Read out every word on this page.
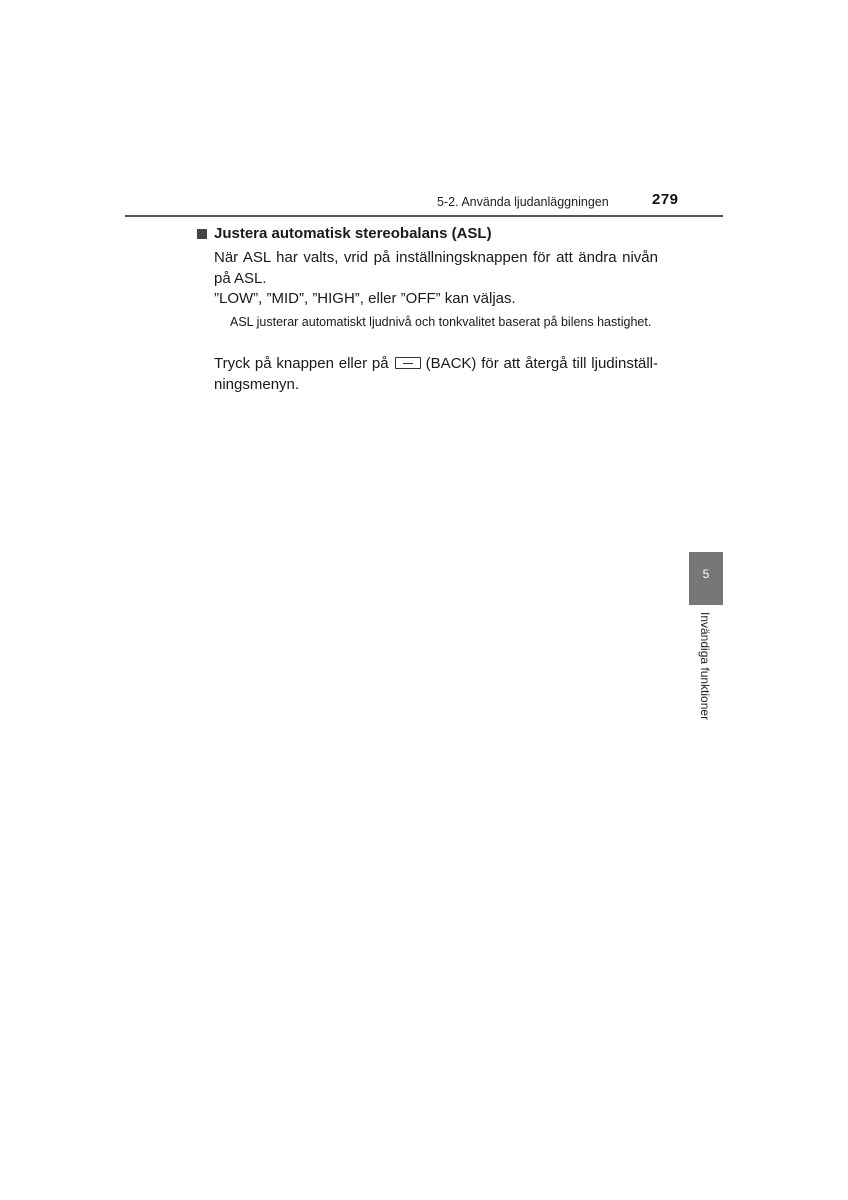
5-2. Använda ljudanläggningen	279
Justera automatisk stereobalans (ASL)
När ASL har valts, vrid på inställningsknappen för att ändra nivån på ASL.
”LOW”, ”MID”, ”HIGH”, eller ”OFF” kan väljas.
ASL justerar automatiskt ljudnivå och tonkvalitet baserat på bilens hastighet.
Tryck på knappen eller på (BACK) för att återgå till ljudinställ-ningsmenyn.
5
Invändiga funktioner
